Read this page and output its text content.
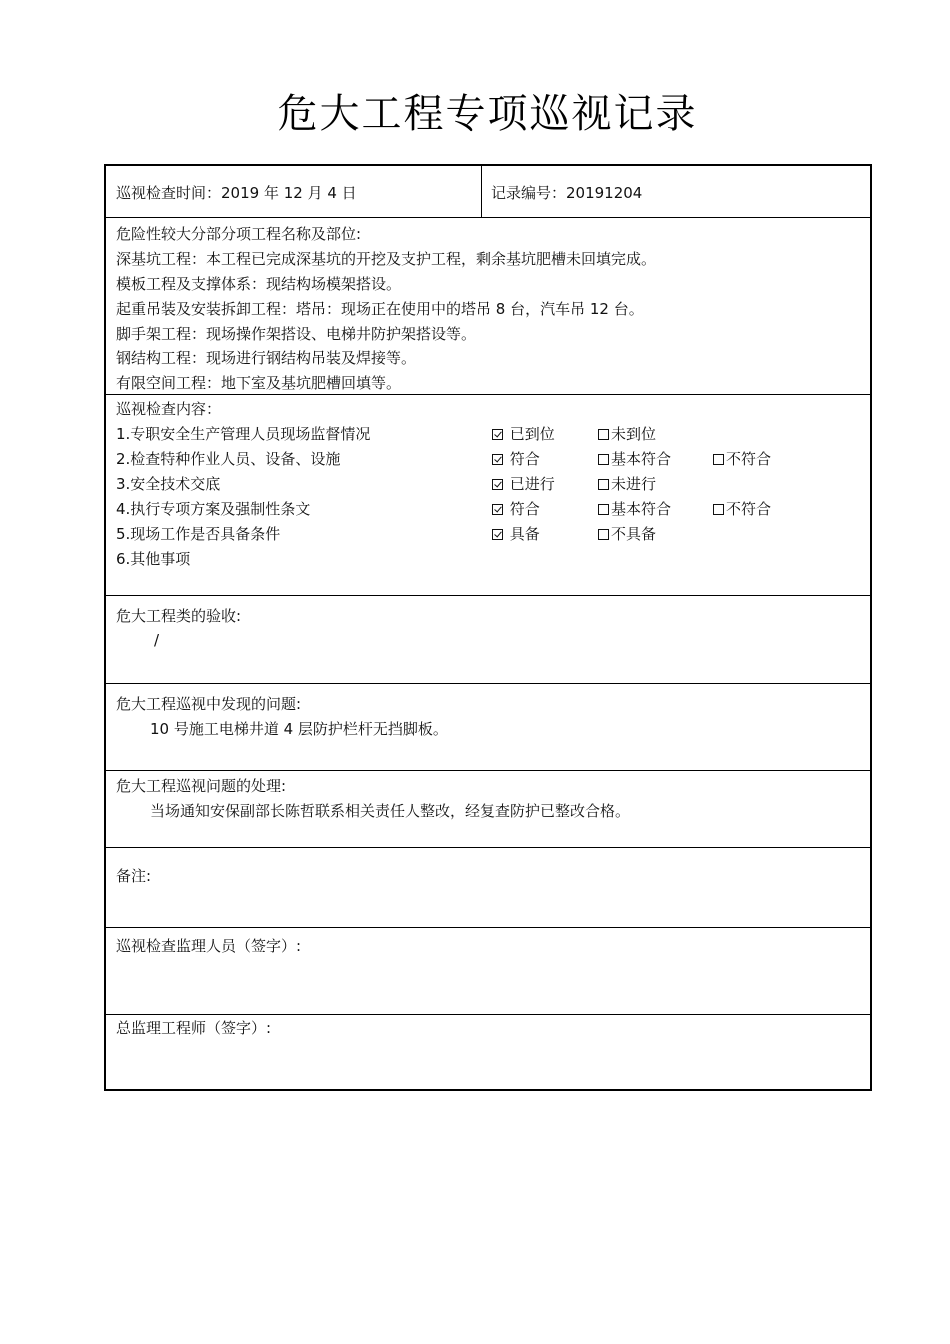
危大工程专项巡视记录
巡视检查时间：2019 年 12 月 4 日	记录编号：20191204
危险性较大分部分项工程名称及部位:
深基坑工程：本工程已完成深基坑的开挖及支护工程，剩余基坑肥槽未回填完成。
模板工程及支撑体系：现结构场模架搭设。
起重吊装及安装拆卸工程：塔吊：现场正在使用中的塔吊 8 台，汽车吊 12 台。
脚手架工程：现场操作架搭设、电梯井防护架搭设等。
钢结构工程：现场进行钢结构吊装及焊接等。
有限空间工程：地下室及基坑肥槽回填等。
巡视检查内容：
1.专职安全生产管理人员现场监督情况	已到位	未到位
2.检查特种作业人员、设备、设施	符合	基本符合	不符合
3.安全技术交底	已进行	未进行
4.执行专项方案及强制性条文	符合	基本符合	不符合
5.现场工作是否具备条件	具备	不具备
6.其他事项
危大工程类的验收:
/
危大工程巡视中发现的问题:
10 号施工电梯井道 4 层防护栏杆无挡脚板。
危大工程巡视问题的处理:
当场通知安保副部长陈哲联系相关责任人整改，经复查防护已整改合格。
备注:
巡视检查监理人员（签字）:
总监理工程师（签字）:
